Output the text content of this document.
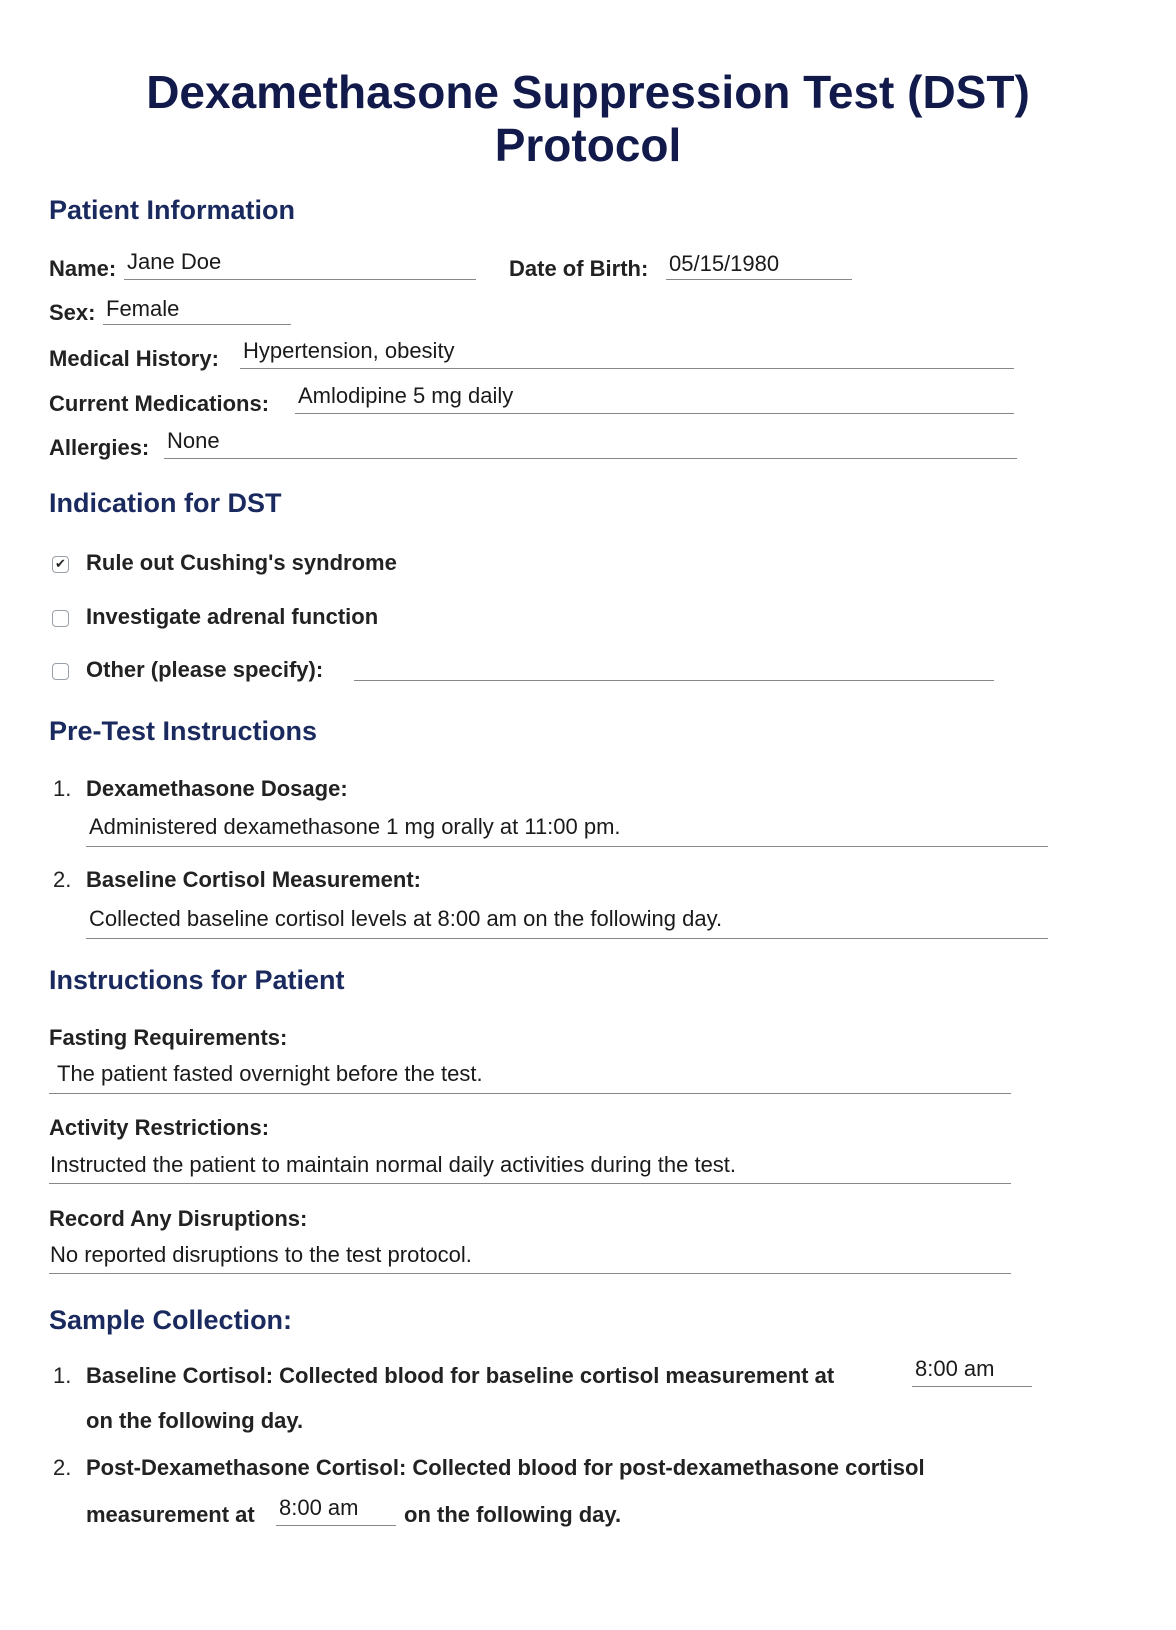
Dexamethasone Suppression Test (DST)
Protocol
Patient Information
Name: Jane Doe	Date of Birth: 05/15/1980
Sex: Female
Medical History: Hypertension, obesity
Current Medications: Amlodipine 5 mg daily
Allergies: None
Indication for DST
✔ Rule out Cushing's syndrome
Investigate adrenal function
Other (please specify):
Pre-Test Instructions
1. Dexamethasone Dosage:
Administered dexamethasone 1 mg orally at 11:00 pm.
2. Baseline Cortisol Measurement:
Collected baseline cortisol levels at 8:00 am on the following day.
Instructions for Patient
Fasting Requirements:
The patient fasted overnight before the test.
Activity Restrictions:
Instructed the patient to maintain normal daily activities during the test.
Record Any Disruptions:
No reported disruptions to the test protocol.
Sample Collection:
1. Baseline Cortisol: Collected blood for baseline cortisol measurement at	8:00 am
on the following day.
2. Post-Dexamethasone Cortisol: Collected blood for post-dexamethasone cortisol
measurement at 8:00 am	on the following day.
